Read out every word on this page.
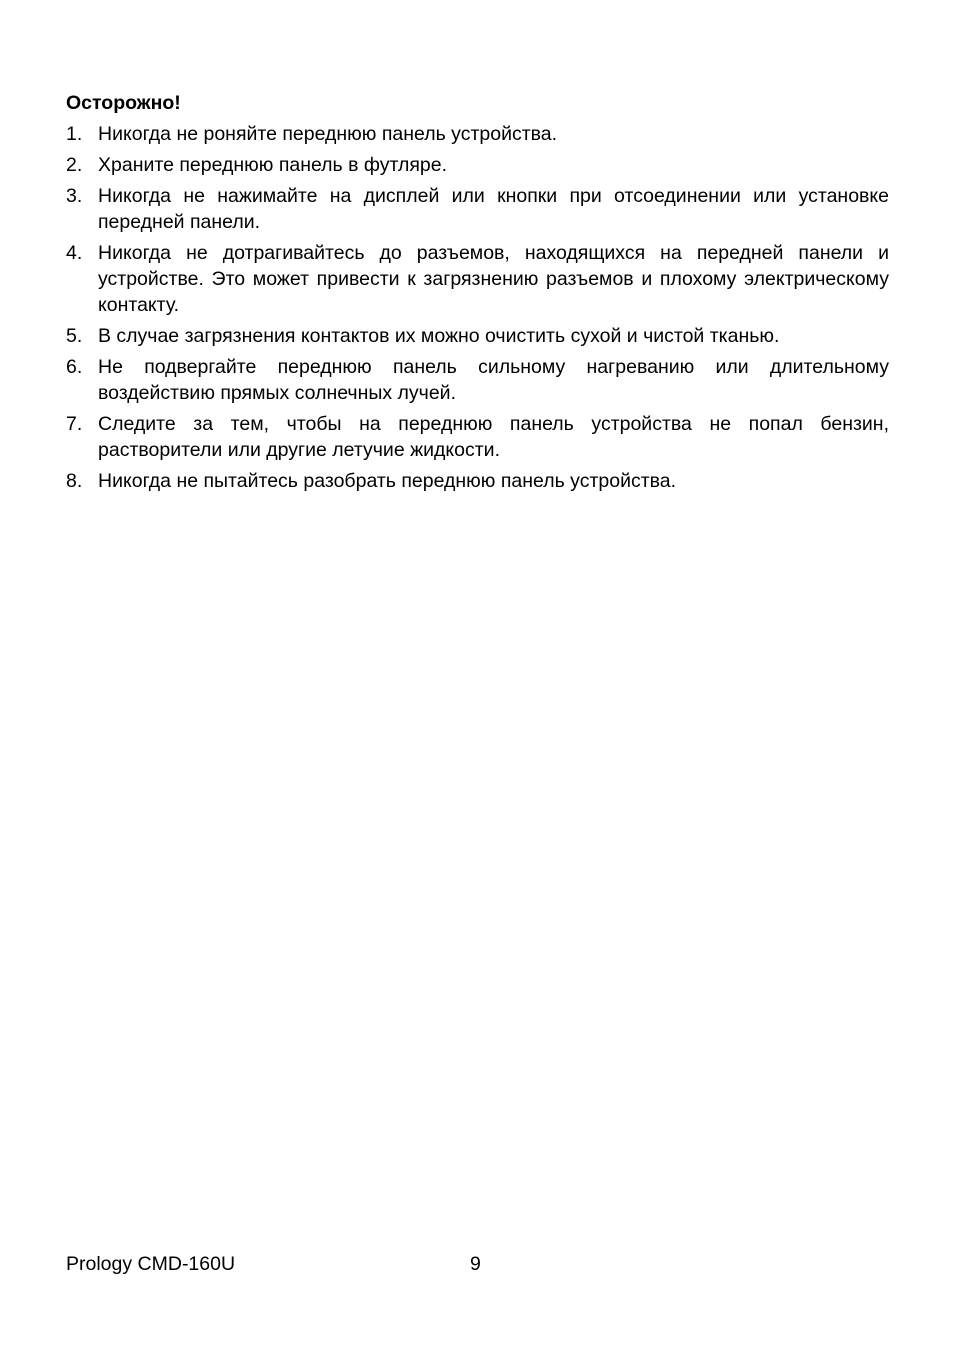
Осторожно!
1. Никогда не роняйте переднюю панель устройства.
2. Храните переднюю панель в футляре.
3. Никогда не нажимайте на дисплей или кнопки при отсоединении или установке передней панели.
4. Никогда не дотрагивайтесь до разъемов, находящихся на передней панели и устройстве. Это может привести к загрязнению разъемов и плохому электрическому контакту.
5. В случае загрязнения контактов их можно очистить сухой и чистой тканью.
6. Не подвергайте переднюю панель сильному нагреванию или длительному воздействию прямых солнечных лучей.
7. Следите за тем, чтобы на переднюю панель устройства не попал бензин, растворители или другие летучие жидкости.
8. Никогда не пытайтесь разобрать переднюю панель устройства.
Prology CMD-160U	9
